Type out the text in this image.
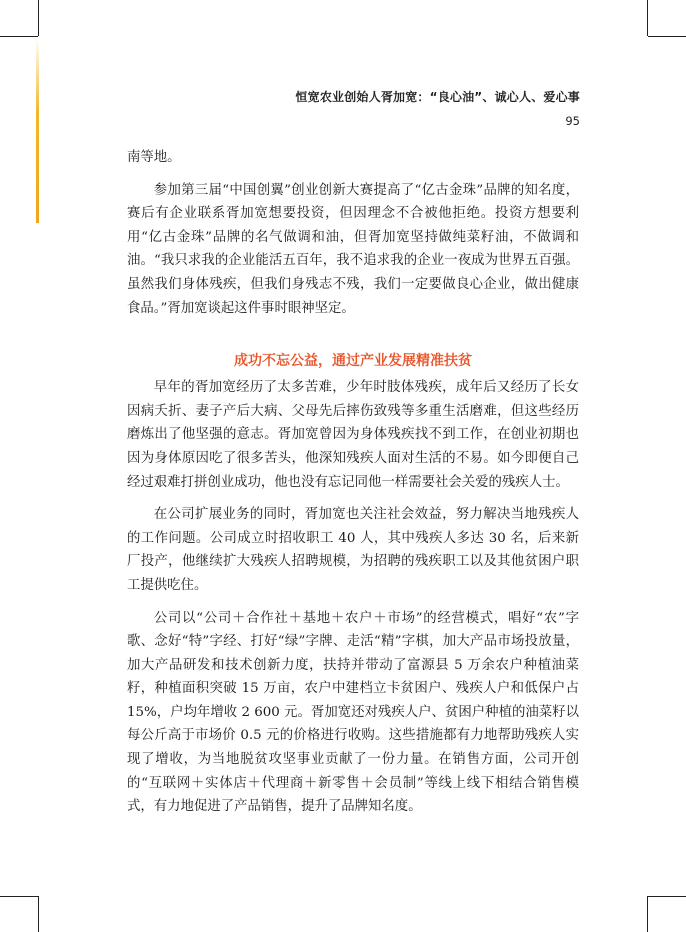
恒宽农业创始人胥加宽：“良心油”、诚心人、爱心事
95

南等地。

参加第三届“中国创翼”创业创新大赛提高了“亿古金珠”品牌的知名度，赛后有企业联系胥加宽想要投资，但因理念不合被他拒绝。投资方想要利用“亿古金珠”品牌的名气做调和油，但胥加宽坚持做纯菜籽油，不做调和油。“我只求我的企业能活五百年，我不追求我的企业一夜成为世界五百强。虽然我们身体残疾，但我们身残志不残，我们一定要做良心企业，做出健康食品。”胥加宽谈起这件事时眼神坚定。

成功不忘公益，通过产业发展精准扶贫

早年的胥加宽经历了太多苦难，少年时肢体残疾，成年后又经历了长女因病夭折、妻子产后大病、父母先后摔伤致残等多重生活磨难，但这些经历磨炼出了他坚强的意志。胥加宽曾因为身体残疾找不到工作，在创业初期也因为身体原因吃了很多苦头，他深知残疾人面对生活的不易。如今即便自己经过艰难打拼创业成功，他也没有忘记同他一样需要社会关爱的残疾人士。

在公司扩展业务的同时，胥加宽也关注社会效益，努力解决当地残疾人的工作问题。公司成立时招收职工 40 人，其中残疾人多达 30 名，后来新厂投产，他继续扩大残疾人招聘规模，为招聘的残疾职工以及其他贫困户职工提供吃住。

公司以“公司＋合作社＋基地＋农户＋市场”的经营模式，唱好“农”字歌、念好“特”字经、打好“绿”字牌、走活“精”字棋，加大产品市场投放量，加大产品研发和技术创新力度，扶持并带动了富源县 5 万余农户种植油菜籽，种植面积突破 15 万亩，农户中建档立卡贫困户、残疾人户和低保户占 15%，户均年增收 2 600 元。胥加宽还对残疾人户、贫困户种植的油菜籽以每公斤高于市场价 0.5 元的价格进行收购。这些措施都有力地帮助残疾人实现了增收，为当地脱贫攻坚事业贡献了一份力量。在销售方面，公司开创的“互联网＋实体店＋代理商＋新零售＋会员制”等线上线下相结合销售模式，有力地促进了产品销售，提升了品牌知名度。
